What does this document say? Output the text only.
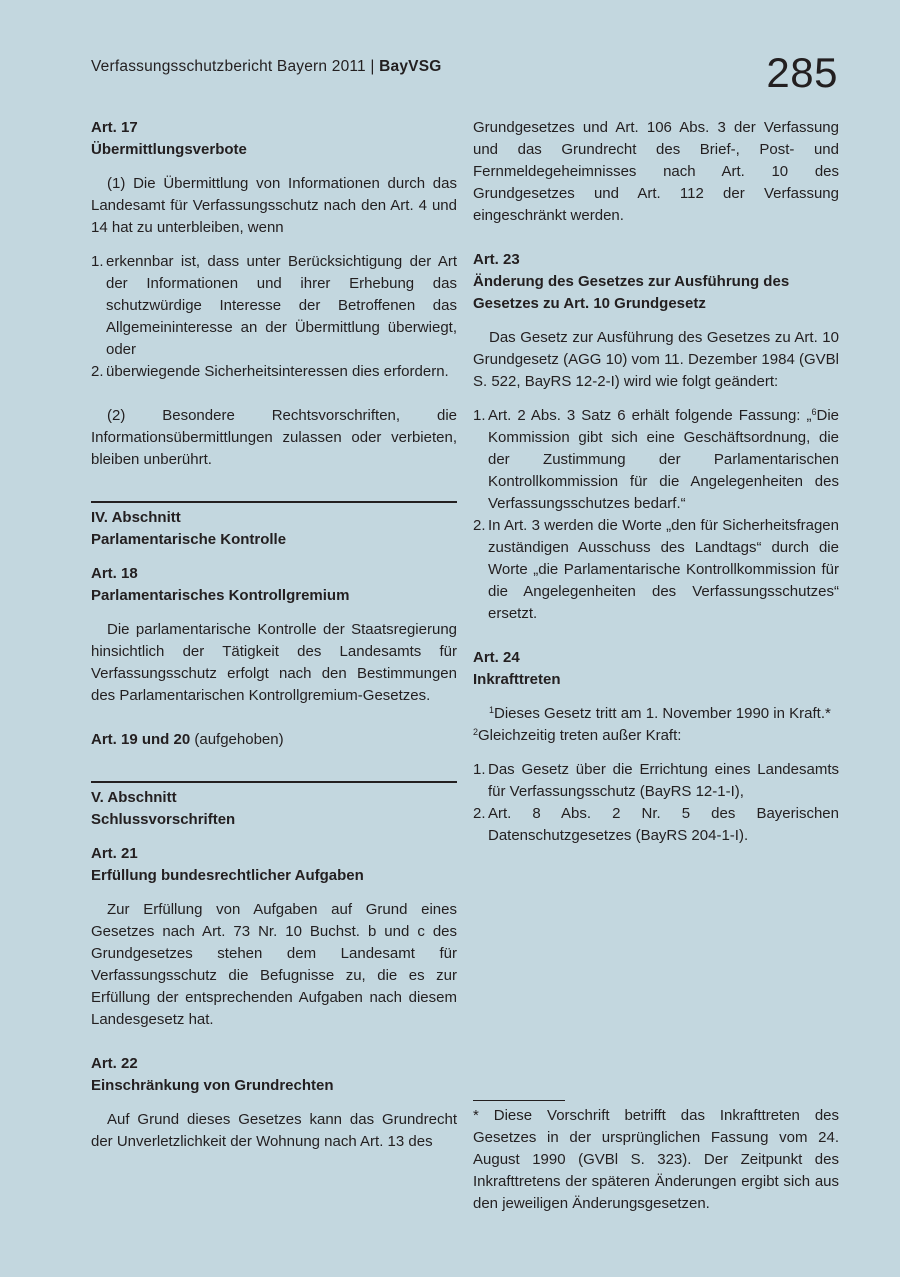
Verfassungsschutzbericht Bayern 2011 | BayVSG	285
Art. 17
Übermittlungsverbote

(1) Die Übermittlung von Informationen durch das Landesamt für Verfassungsschutz nach den Art. 4 und 14 hat zu unterbleiben, wenn

1. erkennbar ist, dass unter Berücksichtigung der Art der Informationen und ihrer Erhebung das schutzwürdige Interesse der Betroffenen das Allgemeininteresse an der Übermittlung überwiegt, oder
2. überwiegende Sicherheitsinteressen dies erfordern.

(2) Besondere Rechtsvorschriften, die Informationsübermittlungen zulassen oder verbieten, bleiben unberührt.

IV. Abschnitt
Parlamentarische Kontrolle
Art. 18
Parlamentarisches Kontrollgremium

Die parlamentarische Kontrolle der Staatsregierung hinsichtlich der Tätigkeit des Landesamts für Verfassungsschutz erfolgt nach den Bestimmungen des Parlamentarischen Kontrollgremium-Gesetzes.

Art. 19 und 20 (aufgehoben)
V. Abschnitt
Schlussvorschriften
Art. 21
Erfüllung bundesrechtlicher Aufgaben

Zur Erfüllung von Aufgaben auf Grund eines Gesetzes nach Art. 73 Nr. 10 Buchst. b und c des Grundgesetzes stehen dem Landesamt für Verfassungsschutz die Befugnisse zu, die es zur Erfüllung der entsprechenden Aufgaben nach diesem Landesgesetz hat.

Art. 22
Einschränkung von Grundrechten

Auf Grund dieses Gesetzes kann das Grundrecht der Unverletzlichkeit der Wohnung nach Art. 13 des

Grundgesetzes und Art. 106 Abs. 3 der Verfassung und das Grundrecht des Brief-, Post- und Fernmeldegeheimnisses nach Art. 10 des Grundgesetzes und Art. 112 der Verfassung eingeschränkt werden.

Art. 23
Änderung des Gesetzes zur Ausführung des Gesetzes zu Art. 10 Grundgesetz

Das Gesetz zur Ausführung des Gesetzes zu Art. 10 Grundgesetz (AGG 10) vom 11. Dezember 1984 (GVBl S. 522, BayRS 12-2-I) wird wie folgt geändert:

1. Art. 2 Abs. 3 Satz 6 erhält folgende Fassung: „$^6$Die Kommission gibt sich eine Geschäftsordnung, die der Zustimmung der Parlamentarischen Kontrollkommission für die Angelegenheiten des Verfassungsschutzes bedarf.“
2. In Art. 3 werden die Worte „den für Sicherheitsfragen zuständigen Ausschuss des Landtags“ durch die Worte „die Parlamentarische Kontrollkommission für die Angelegenheiten des Verfassungsschutzes“ ersetzt.
Art. 24
Inkrafttreten

$^1$Dieses Gesetz tritt am 1. November 1990 in Kraft.*

$^2$Gleichzeitig treten außer Kraft:

1. Das Gesetz über die Errichtung eines Landesamts für Verfassungsschutz (BayRS 12-1-I),
2. Art. 8 Abs. 2 Nr. 5 des Bayerischen Datenschutzgesetzes (BayRS 204-1-I).
* Diese Vorschrift betrifft das Inkrafttreten des Gesetzes in der ursprünglichen Fassung vom 24. August 1990 (GVBl S. 323). Der Zeitpunkt des Inkrafttretens der späteren Änderungen ergibt sich aus den jeweiligen Änderungsgesetzen.
